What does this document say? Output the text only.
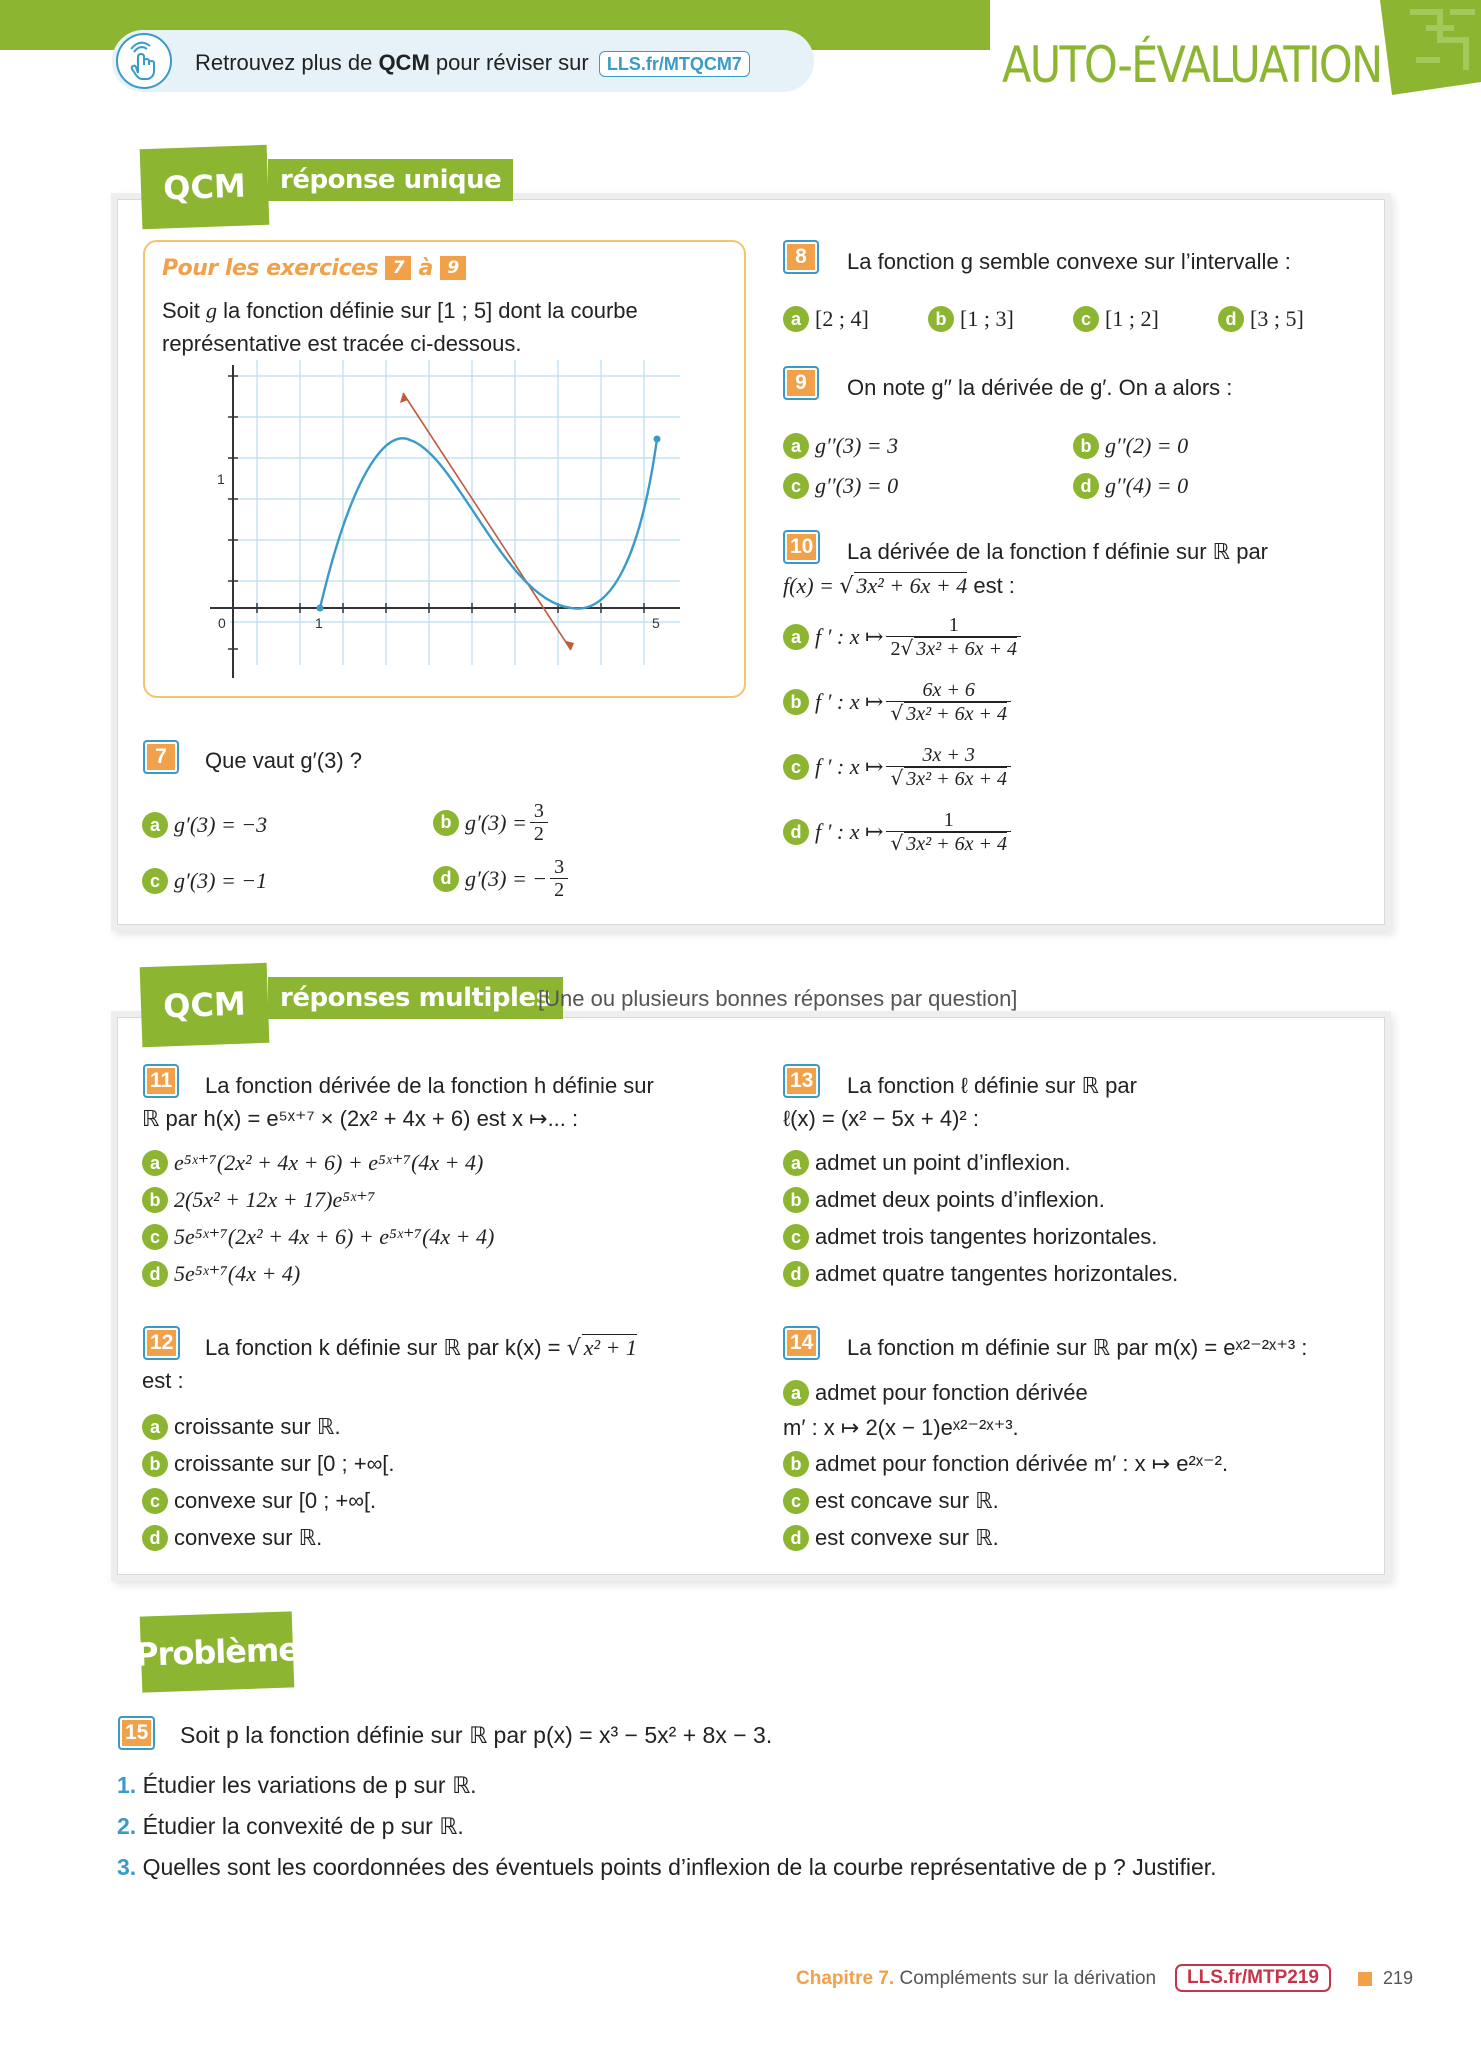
Retrouvez plus de QCM pour réviser sur LLS.fr/MTQCM7	AUTO-ÉVALUATION
QCM	réponse unique
Pour les exercices 7 à 9
Soit g la fonction définie sur [1 ; 5] dont la courbe
représentative est tracée ci-dessous.
0	1	5
1
7	Que vaut g′(3) ?
a g′(3) = −3	b $g'(3) = \frac{3}{2}$
c g′(3) = −1	d g′(3) = − $\frac{3}{2}$
8	La fonction g semble convexe sur l’intervalle :
a [2 ; 4]	b [1 ; 3]	c [1 ; 2]	d [3 ; 5]
9	On note g′′ la dérivée de g′. On a alors :
a g′′(3) = 3	b g′′(2) = 0
c g′′(3) = 0	d g′′(4) = 0
10	La dérivée de la fonction f définie sur ℝ par
f(x) = √ 3x² + 6x + 4 est :
a f ′ : x ↦ $\frac{1}{\text{2√ 3x² + 6x + 4}}$
b f ′ : x ↦ $\frac{6x + 6}{\text{√ 3x² + 6x + 4}}$
c f ′ : x ↦ $\frac{3x + 3}{\text{√ 3x² + 6x + 4}}$
d f ′ : x ↦ $\frac{1}{\text{√ 3x² + 6x + 4}}$
QCM	réponses multiples
[Une ou plusieurs bonnes réponses par question]
11	La fonction dérivée de la fonction h définie sur
ℝ par h(x) = e⁵ˣ⁺⁷ × (2x² + 4x + 6) est x ↦... :
a e⁵ˣ⁺⁷(2x² + 4x + 6) + e⁵ˣ⁺⁷(4x + 4)
b 2(5x² + 12x + 17)e⁵ˣ⁺⁷
c 5e⁵ˣ⁺⁷(2x² + 4x + 6) + e⁵ˣ⁺⁷(4x + 4)
d 5e⁵ˣ⁺⁷(4x + 4)
12	La fonction k définie sur ℝ par k(x) = √ x² + 1
est :
a croissante sur ℝ.
b croissante sur [0 ; +∞[.
c convexe sur [0 ; +∞[.
d convexe sur ℝ.
13	La fonction ℓ définie sur ℝ par
ℓ(x) = (x² − 5x + 4)² :
a admet un point d’inflexion.
b admet deux points d’inflexion.
c admet trois tangentes horizontales.
d admet quatre tangentes horizontales.
14	La fonction m définie sur ℝ par m(x) = eˣ²⁻²ˣ⁺³ :
a admet pour fonction dérivée
m′ : x ↦ 2(x − 1)eˣ²⁻²ˣ⁺³.
b admet pour fonction dérivée m′ : x ↦ e²ˣ⁻².
c est concave sur ℝ.
d est convexe sur ℝ.
Problème
15	Soit p la fonction définie sur ℝ par p(x) = x³ − 5x² + 8x − 3.
1. Étudier les variations de p sur ℝ.
2. Étudier la convexité de p sur ℝ.
3. Quelles sont les coordonnées des éventuels points d’inflexion de la courbe représentative de p ? Justifier.
Chapitre 7. Compléments sur la dérivation	LLS.fr/MTP219	219
